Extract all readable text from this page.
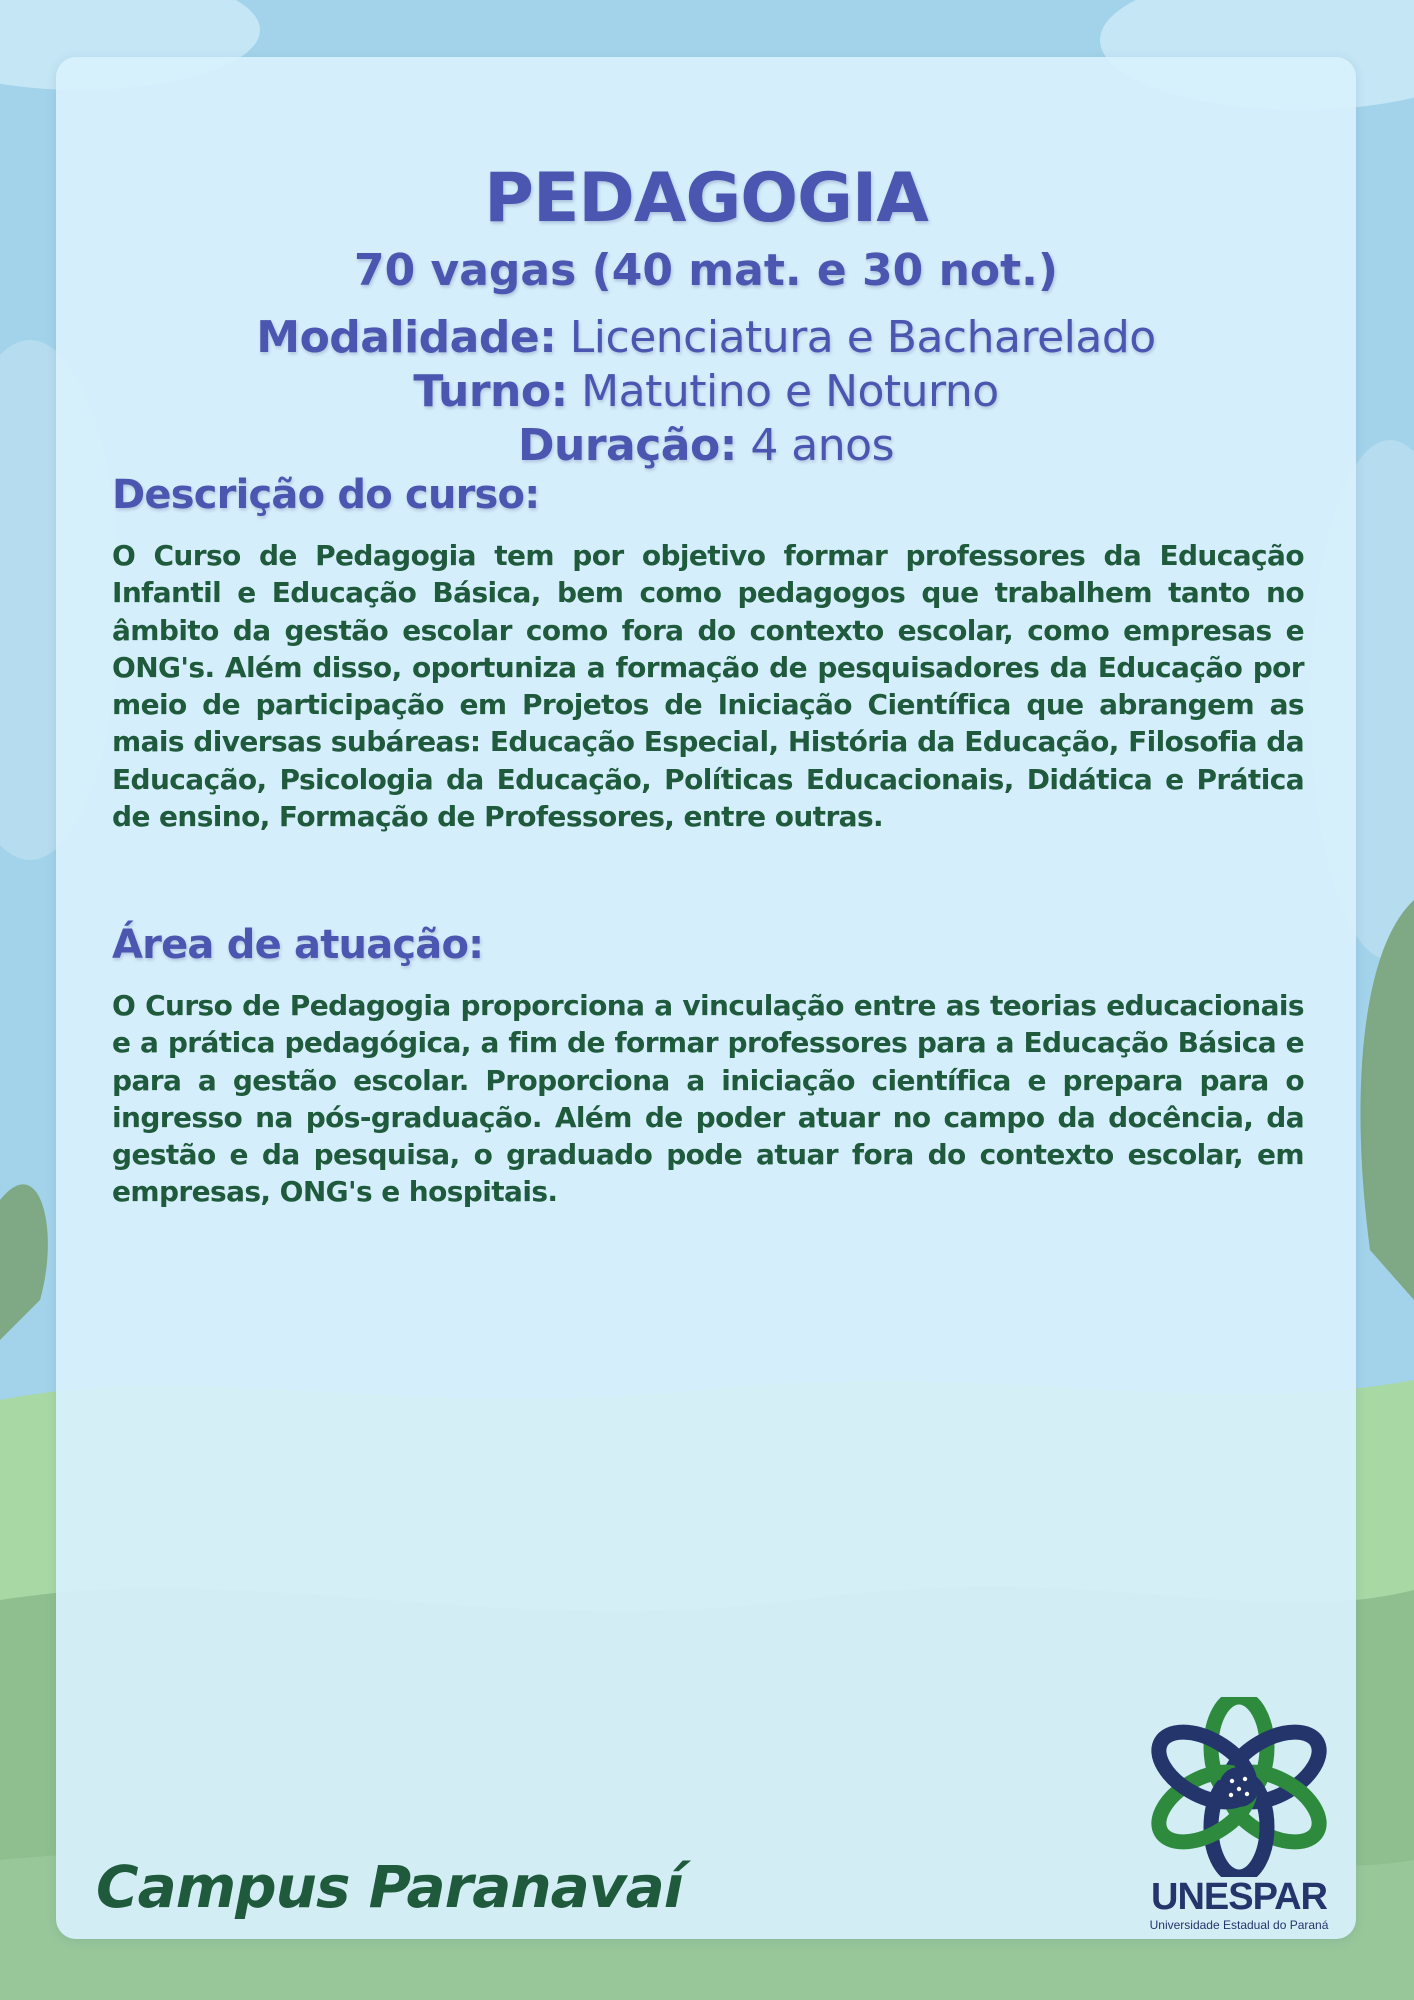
PEDAGOGIA
70 vagas (40 mat. e 30 not.)
Modalidade: Licenciatura e Bacharelado
Turno: Matutino e Noturno
Duração: 4 anos
Descrição do curso:

O Curso de Pedagogia tem por objetivo formar professores da Educação Infantil e Educação Básica, bem como pedagogos que trabalhem tanto no âmbito da gestão escolar como fora do contexto escolar, como empresas e ONG's. Além disso, oportuniza a formação de pesquisadores da Educação por meio de participação em Projetos de Iniciação Científica que abrangem as mais diversas subáreas: Educação Especial, História da Educação, Filosofia da Educação, Psicologia da Educação, Políticas Educacionais, Didática e Prática de ensino, Formação de Professores, entre outras.

Área de atuação:

O Curso de Pedagogia proporciona a vinculação entre as teorias educacionais e a prática pedagógica, a fim de formar professores para a Educação Básica e para a gestão escolar. Proporciona a iniciação científica e prepara para o ingresso na pós-graduação. Além de poder atuar no campo da docência, da gestão e da pesquisa, o graduado pode atuar fora do contexto escolar, em empresas, ONG's e hospitais.

Campus Paranavaí	UNESPAR
Universidade Estadual do Paraná
